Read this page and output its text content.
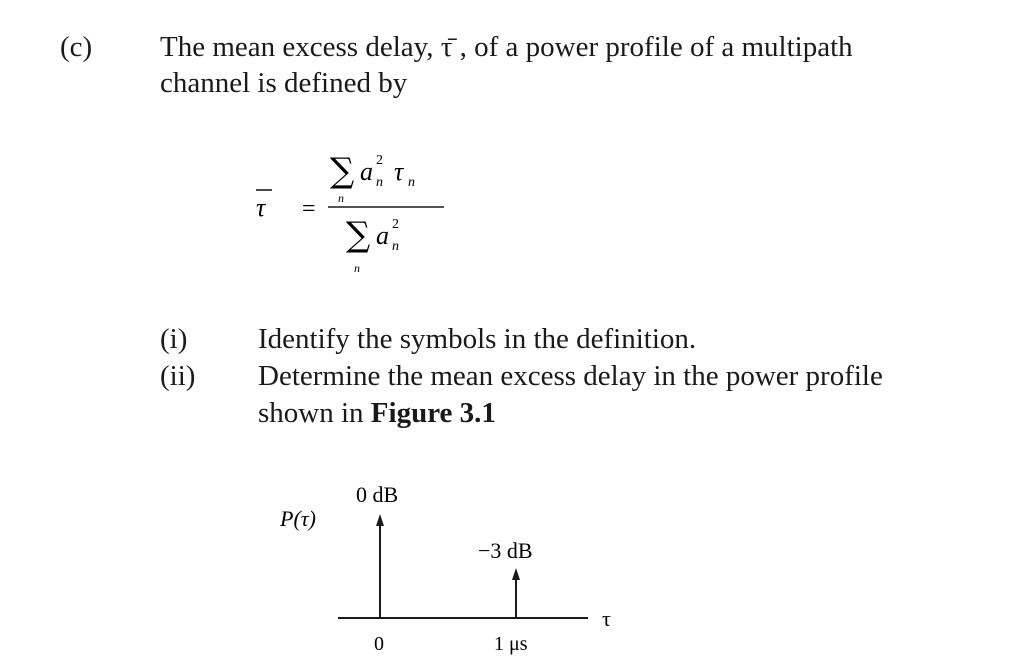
(c) The mean excess delay, τ̄ , of a power profile of a multipath
channel is defined by
τ =
∑ a 2
n τ n
n
∑ a 2
n
n
(i) Identify the symbols in the definition.
(ii) Determine the mean excess delay in the power profile
shown in Figure 3.1
P(τ)
0 dB
−3 dB
τ
0	1 μs
